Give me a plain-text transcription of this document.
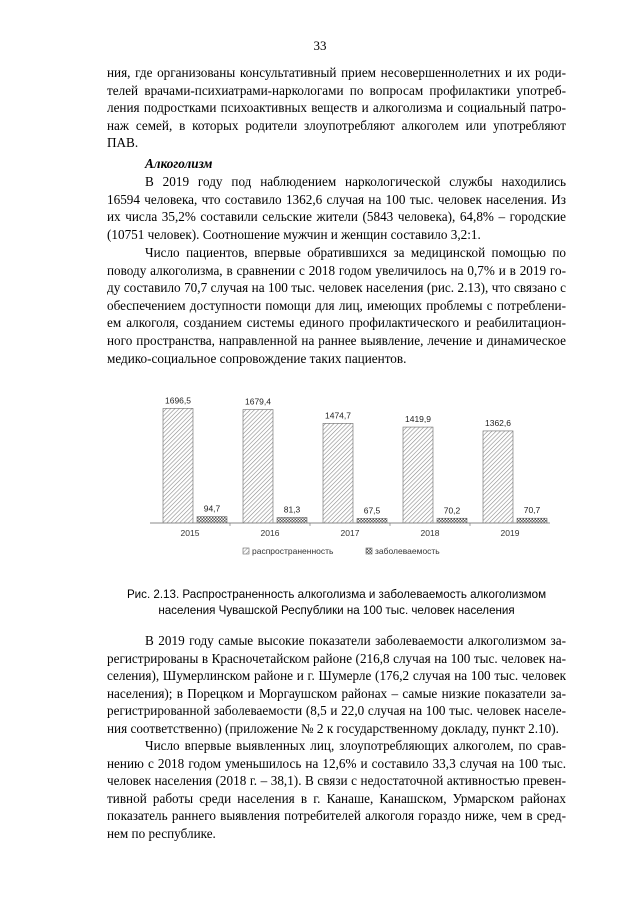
33
ния, где организованы консультативный прием несовершеннолетних и их роди-
телей врачами-психиатрами-наркологами по вопросам профилактики употреб-
ления подростками психоактивных веществ и алкоголизма и социальный патро-
наж семей, в которых родители злоупотребляют алкоголем или употребляют
ПАВ.
Алкоголизм
В 2019 году под наблюдением наркологической службы находились
16594 человека, что составило 1362,6 случая на 100 тыс. человек населения. Из
их числа 35,2% составили сельские жители (5843 человека), 64,8% – городские
(10751 человек). Соотношение мужчин и женщин составило 3,2:1.
Число пациентов, впервые обратившихся за медицинской помощью по
поводу алкоголизма, в сравнении с 2018 годом увеличилось на 0,7% и в 2019 го-
ду составило 70,7 случая на 100 тыс. человек населения (рис. 2.13), что связано с
обеспечением доступности помощи для лиц, имеющих проблемы с потреблени-
ем алкоголя, созданием системы единого профилактического и реабилитацион-
ного пространства, направленной на раннее выявление, лечение и динамическое
медико-социальное сопровождение таких пациентов.
1696,5
94,7
1679,4
81,3
1474,7
67,5
1419,9
70,2
1362,6
70,7
2015	2016	2017	2018	2019
распространенность	заболеваемость
Рис. 2.13. Распространенность алкоголизма и заболеваемость алкоголизмом
населения Чувашской Республики на 100 тыс. человек населения
В 2019 году самые высокие показатели заболеваемости алкоголизмом за-
регистрированы в Красночетайском районе (216,8 случая на 100 тыс. человек на-
селения), Шумерлинском районе и г. Шумерле (176,2 случая на 100 тыс. человек
населения); в Порецком и Моргаушском районах – самые низкие показатели за-
регистрированной заболеваемости (8,5 и 22,0 случая на 100 тыс. человек населе-
ния соответственно) (приложение № 2 к государственному докладу, пункт 2.10).
Число впервые выявленных лиц, злоупотребляющих алкоголем, по срав-
нению с 2018 годом уменьшилось на 12,6% и составило 33,3 случая на 100 тыс.
человек населения (2018 г. – 38,1). В связи с недостаточной активностью превен-
тивной работы среди населения в г. Канаше, Канашском, Урмарском районах
показатель раннего выявления потребителей алкоголя гораздо ниже, чем в сред-
нем по республике.
